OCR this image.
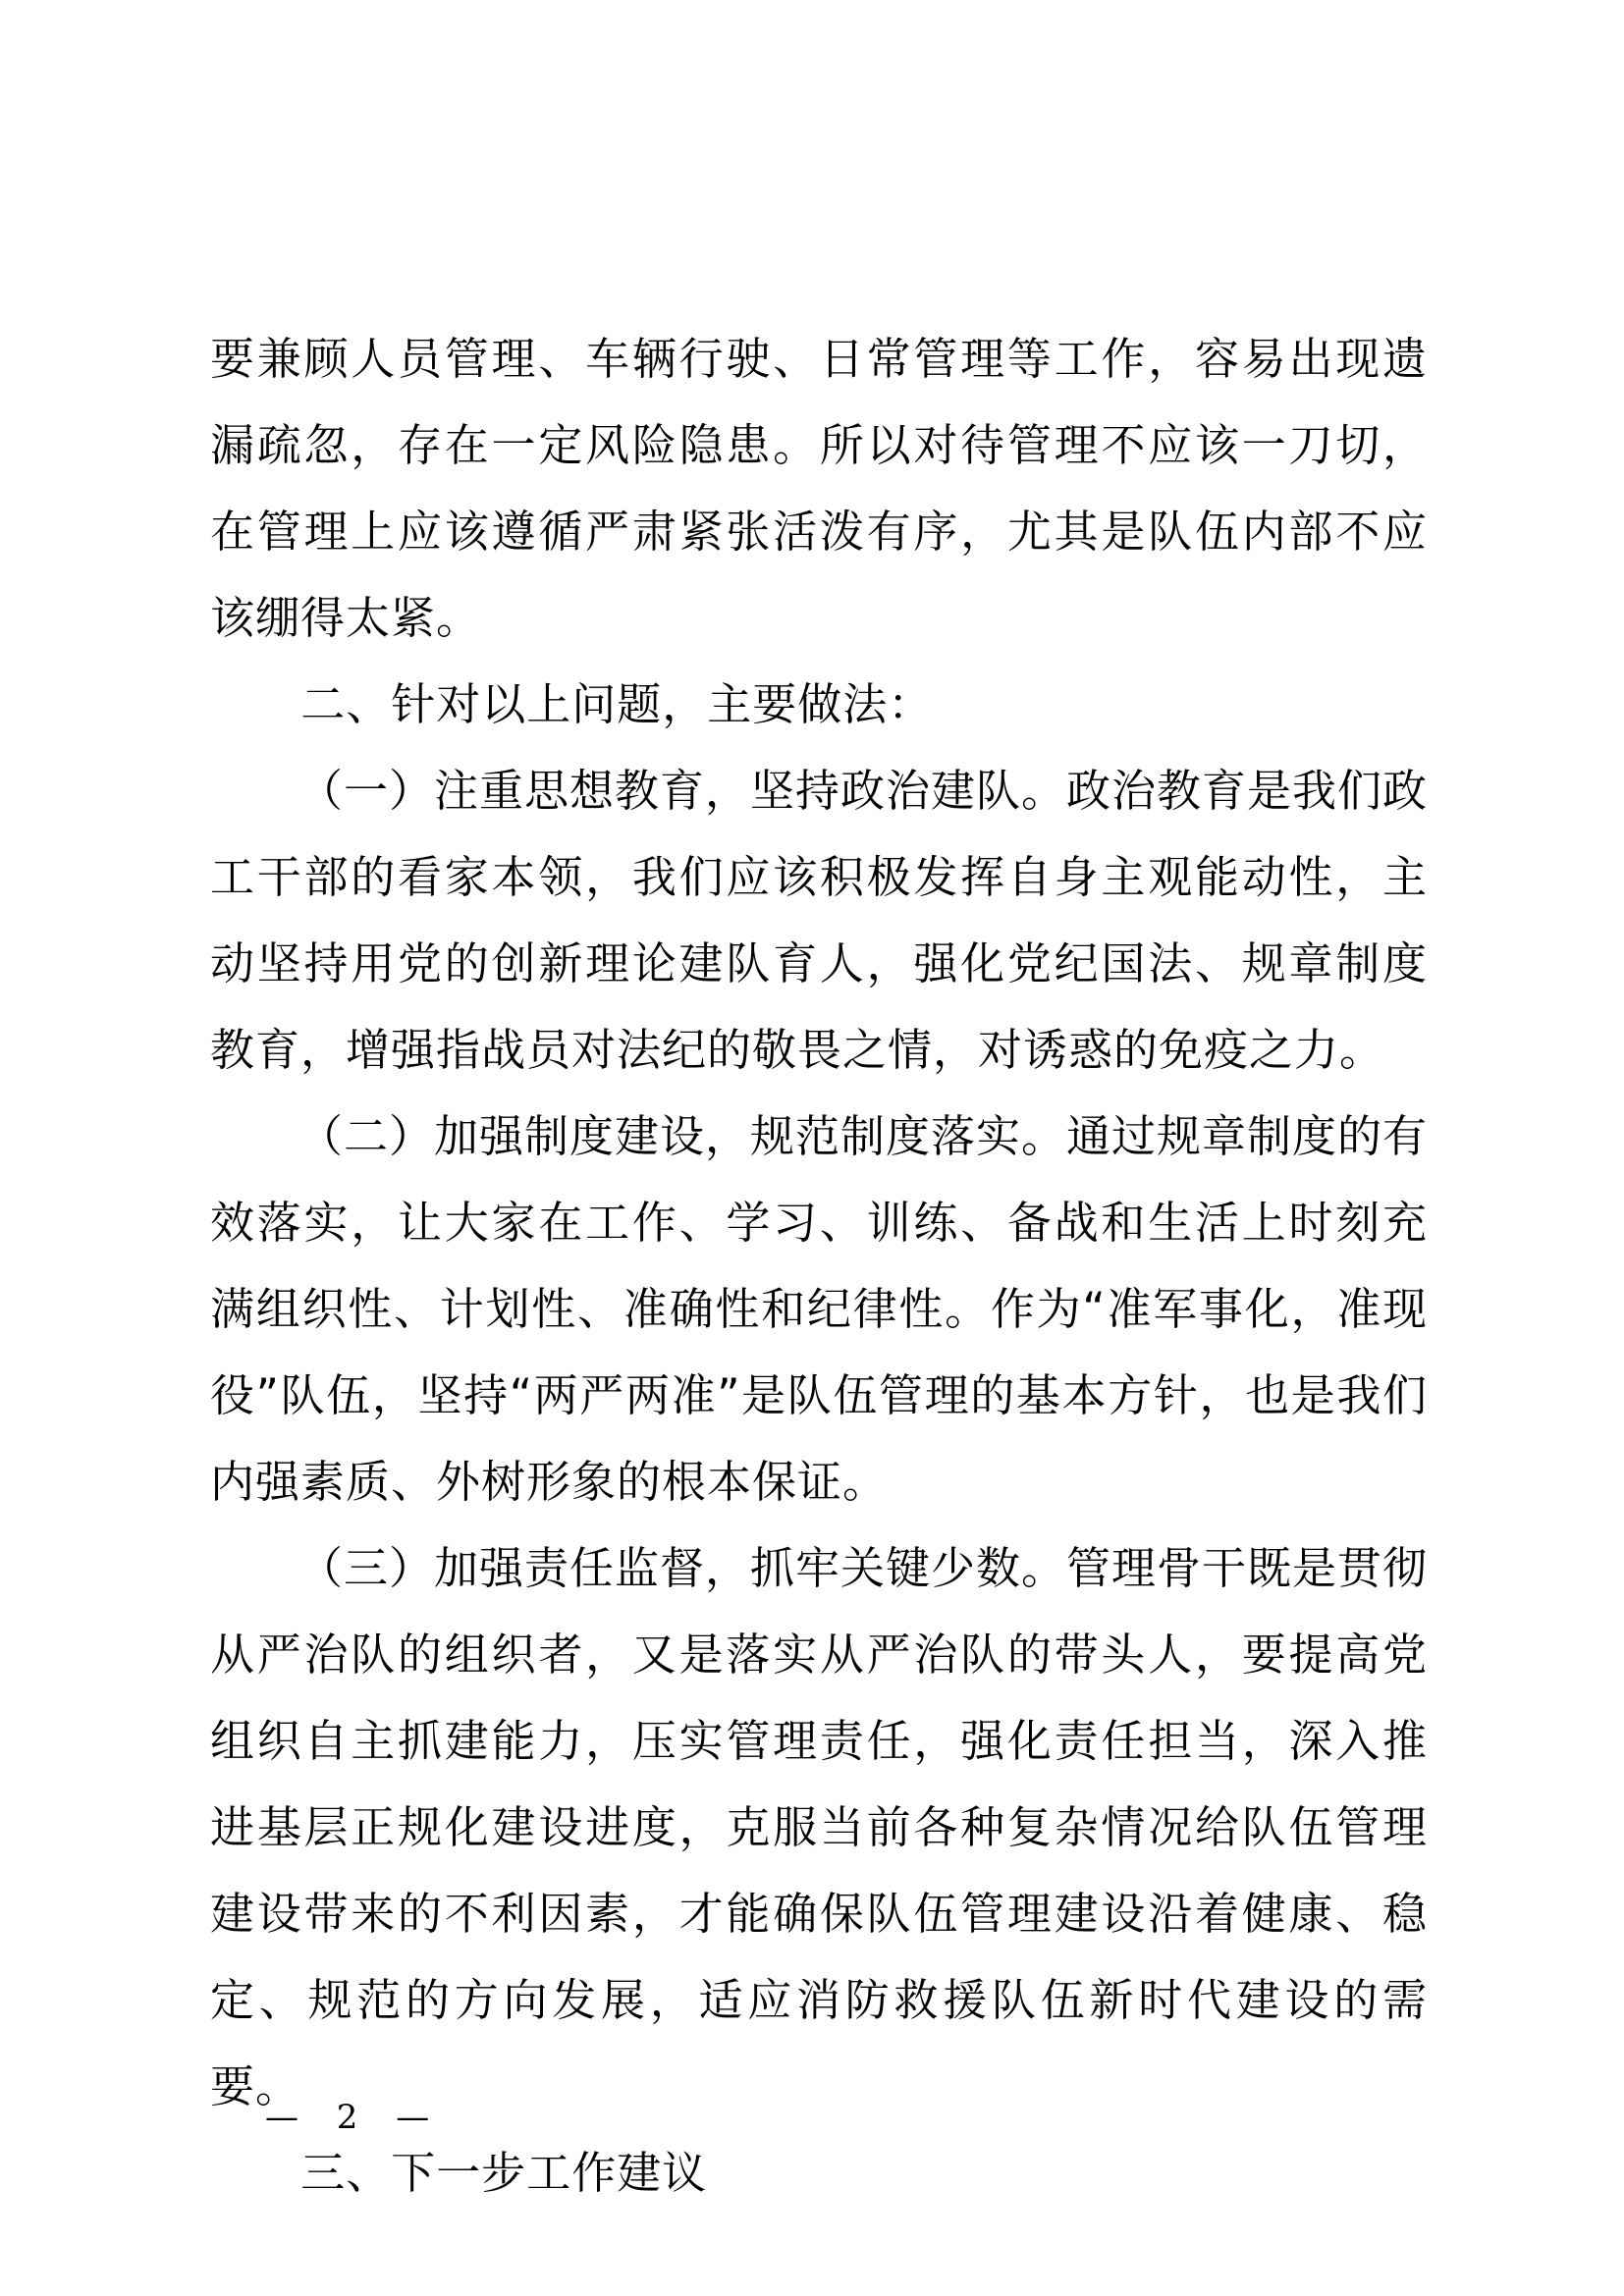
要兼顾人员管理、车辆行驶、日常管理等工作，容易出现遗漏疏忽，存在一定风险隐患。所以对待管理不应该一刀切，在管理上应该遵循严肃紧张活泼有序，尤其是队伍内部不应该绷得太紧。

二、针对以上问题，主要做法：

（一）注重思想教育，坚持政治建队。政治教育是我们政工干部的看家本领，我们应该积极发挥自身主观能动性，主动坚持用党的创新理论建队育人，强化党纪国法、规章制度教育，增强指战员对法纪的敬畏之情，对诱惑的免疫之力。

（二）加强制度建设，规范制度落实。通过规章制度的有效落实，让大家在工作、学习、训练、备战和生活上时刻充满组织性、计划性、准确性和纪律性。作为“准军事化，准现役”队伍，坚持“两严两准”是队伍管理的基本方针，也是我们内强素质、外树形象的根本保证。

（三）加强责任监督，抓牢关键少数。管理骨干既是贯彻从严治队的组织者，又是落实从严治队的带头人，要提高党组织自主抓建能力，压实管理责任，强化责任担当，深入推进基层正规化建设进度，克服当前各种复杂情况给队伍管理建设带来的不利因素，才能确保队伍管理建设沿着健康、稳定、规范的方向发展，适应消防救援队伍新时代建设的需要。

三、下一步工作建议

— 2 —
